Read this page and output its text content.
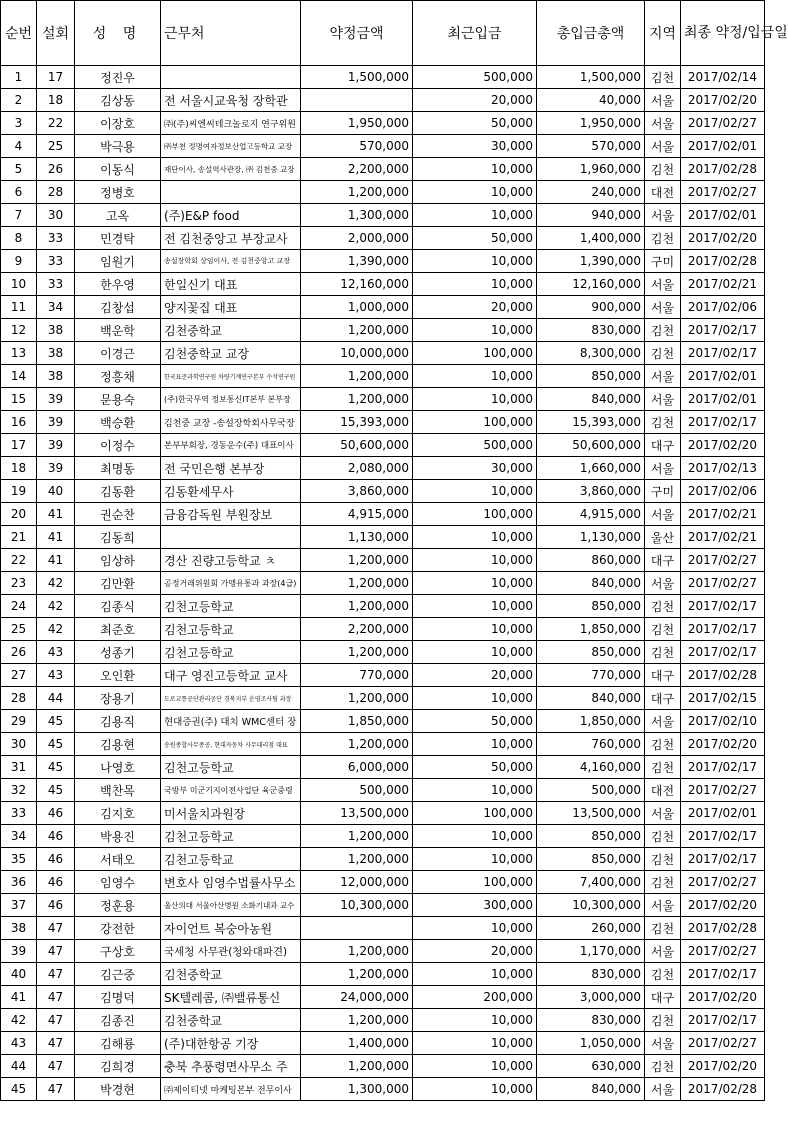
순번	설회	성 명	근무처	약정금액	최근입금	총입금총액	지역	최종 약정/입금일
1	17	정진우		1,500,000	500,000	1,500,000	김천	2017/02/14
2	18	김상동	전 서울시교육청 장학관		20,000	40,000	서울	2017/02/20
3	22	이장호	㈜(주)씨엔씨테크놀로지 연구위원	1,950,000	50,000	1,950,000	서울	2017/02/27
4	25	박극용	㈜부천 정명여자정보산업고등학교 교장	570,000	30,000	570,000	서울	2017/02/01
5	26	이동식	재단이사, 송설역사관장, ㈜ 김천중 교장	2,200,000	10,000	1,960,000	김천	2017/02/28
6	28	정병호		1,200,000	10,000	240,000	대전	2017/02/27
7	30	고옥	(주)E&P food	1,300,000	10,000	940,000	서울	2017/02/01
8	33	민경탁	전 김천중앙고 부장교사	2,000,000	50,000	1,400,000	김천	2017/02/20
9	33	임원기	송설장학회 상임이사, 전 김천중앙고 교장	1,390,000	10,000	1,390,000	구미	2017/02/28
10	33	한우영	한일신기 대표	12,160,000	10,000	12,160,000	서울	2017/02/21
11	34	김창섭	양지꽃집 대표	1,000,000	20,000	900,000	서울	2017/02/06
12	38	백운학	김천중학교	1,200,000	10,000	830,000	김천	2017/02/17
13	38	이경근	김천중학교 교장	10,000,000	100,000	8,300,000	김천	2017/02/17
14	38	정흥채	한국표준과학연구원 차량기계연구본부 수석연구원	1,200,000	10,000	850,000	서울	2017/02/01
15	39	문용숙	(주)한국무역 정보통신IT본부 본부장	1,200,000	10,000	840,000	서울	2017/02/01
16	39	백승환	김천중 교장 -송설장학회사무국장	15,393,000	100,000	15,393,000	김천	2017/02/17
17	39	이정수	본부부회장, 경동운수(주) 대표이사	50,600,000	500,000	50,600,000	대구	2017/02/20
18	39	최명동	전 국민은행 본부장	2,080,000	30,000	1,660,000	서울	2017/02/13
19	40	김동환	김동환세무사	3,860,000	10,000	3,860,000	구미	2017/02/06
20	41	권순찬	금융감독원 부원장보	4,915,000	100,000	4,915,000	서울	2017/02/21
21	41	김동희		1,130,000	10,000	1,130,000	울산	2017/02/21
22	41	임상하	경산 진량고등학교 ㅊ	1,200,000	10,000	860,000	대구	2017/02/27
23	42	김만환	공정거래위원회 가맹유통과 과장(4급)	1,200,000	10,000	840,000	서울	2017/02/27
24	42	김종식	김천고등학교	1,200,000	10,000	850,000	김천	2017/02/17
25	42	최준호	김천고등학교	2,200,000	10,000	1,850,000	김천	2017/02/17
26	43	성종기	김천고등학교	1,200,000	10,000	850,000	김천	2017/02/17
27	43	오인환	대구 영진고등학교 교사	770,000	20,000	770,000	대구	2017/02/28
28	44	장용기	도로교통공단관리공단 경북지부 운영조사팀 과장	1,200,000	10,000	840,000	대구	2017/02/15
29	45	김용직	현대증권(주) 대치 WMC센터 장	1,850,000	50,000	1,850,000	서울	2017/02/10
30	45	김용현	송원종합사무종공, 현대자동차 사무대리점 대표	1,200,000	10,000	760,000	김천	2017/02/20
31	45	나영호	김천고등학교	6,000,000	50,000	4,160,000	김천	2017/02/17
32	45	백찬목	국방부 미군기지이전사업단 육군중령	500,000	10,000	500,000	대전	2017/02/27
33	46	김지호	미서울치과원장	13,500,000	100,000	13,500,000	서울	2017/02/01
34	46	박용진	김천고등학교	1,200,000	10,000	850,000	김천	2017/02/17
35	46	서태오	김천고등학교	1,200,000	10,000	850,000	김천	2017/02/17
36	46	임영수	변호사 임영수법률사무소	12,000,000	100,000	7,400,000	김천	2017/02/27
37	46	정훈용	울산의대 서울아산병원 소화기내과 교수	10,300,000	300,000	10,300,000	서울	2017/02/20
38	47	강전한	자이언트 복숭아농원		10,000	260,000	김천	2017/02/28
39	47	구상호	국세청 사무관(청와대파견)	1,200,000	20,000	1,170,000	서울	2017/02/27
40	47	김근중	김천중학교	1,200,000	10,000	830,000	김천	2017/02/17
41	47	김명덕	SK텔레콤, ㈜밸류통신	24,000,000	200,000	3,000,000	대구	2017/02/20
42	47	김종진	김천중학교	1,200,000	10,000	830,000	김천	2017/02/17
43	47	김해룡	(주)대한항공 기장	1,400,000	10,000	1,050,000	서울	2017/02/27
44	47	김희경	충북 추풍령면사무소 주	1,200,000	10,000	630,000	김천	2017/02/20
45	47	박경현	㈜제이티넷 마케팅본부 전무이사	1,300,000	10,000	840,000	서울	2017/02/28
